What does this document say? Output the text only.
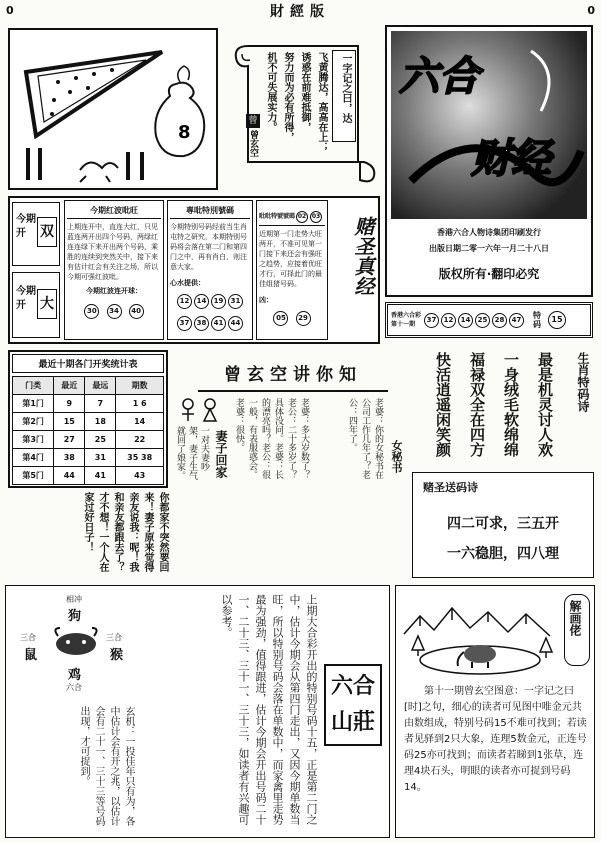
0	財經版	0
8
一字记之曰，达
飞黄腾达，高高在上；
诱惑在前难抵御，
努力而为必有所得，
机不可失展实力。
曾
曾玄空
六合
财经
香港六合人物诗集团印刷发行
出版日期二零一六年一月二十八日
版权所有·翻印必究
今期开	双
今期开	大
今期红波吡旺
上期连开中，直连大红，只见蓝连两开出四个号码，两绿红连连绿下来开出两个号码，乘胜的连续到突然关中，接下来有估计红会有关注之场，所以今期可强红波吡。
今期红波连开球：
30 34 40
專吡特別號碼
今期特别号码经前当生肖屯特之研究，本期特别号码将会落在第二门和第四门之中，再有肖白，则注意大家。
心水提供：
12 14 19 31 37 38 41 44
吡吡特號號碼 02 03
近期第一门走势大旺两开，不准可见第一门接下来还会有强旺之趋势，应接着优旺才行，可择此门的最佳组猪号码。
凶：
05 29
赌圣真经
香港六合彩
第十一期
37	12	14	25	28	47	特码
15
最近十期各门开奖统计表
门类	最近	最远	期数
第1门	9	7	1 6
第2门	15	18	14
第3门	27	25	22
第4门	38	31	35 38
第5门	44	41	43
曾玄空讲你知
老婆：你的女秘书在公司工作几年了？老公：四年了。
女秘书
老婆：多大岁数了？老公：二十多岁了？具体没问。老婆：长的漂亮吗？老公：很一般，有表服惑会。老婆：很快。
一对夫妻吵架，妻子生气就回了娘家。	妻子回家
你都家不突然要回来！妻子原来觉得亲友说我：呢！我和亲友都跟去了？才不想！一个人在家过好日子！
生肖特码诗
最是机灵讨人欢
一身绒毛软绵绵
福禄双全在四方
快活逍遥闲笑颜
赌圣送码诗
四二可求，三五开
一六稳胆，四八理
相冲
狗
三合
鼠
三合
猴
鸡
六合
玄机：一投佳年只有为，各中估计会有开之兆，以估计会有二十一、三十三等号码出现，才可捉到。	上期大合彩开出的特别号码十五，正是第二门之中，估计今期会从第四门走出，又因今期单数当旺，所以特别号码会落在单数中，而家禽里走势最为强劲，值得跟进，估计今期会开出号码二十一、二十三、三十一、三十三，如读者有兴趣可以参考。
六合山莊
解画佬
第十一期曾玄空图意：一字记之曰[时]之句，细心的读者可见图中唯金元共由数组成，特别号码15不难可找到；若读者见驿到2只大象，连理5数金元，正连号码25亦可找到；而读者若睇到1张草，连理4块石头，明眼的读者亦可捉到号码14。
